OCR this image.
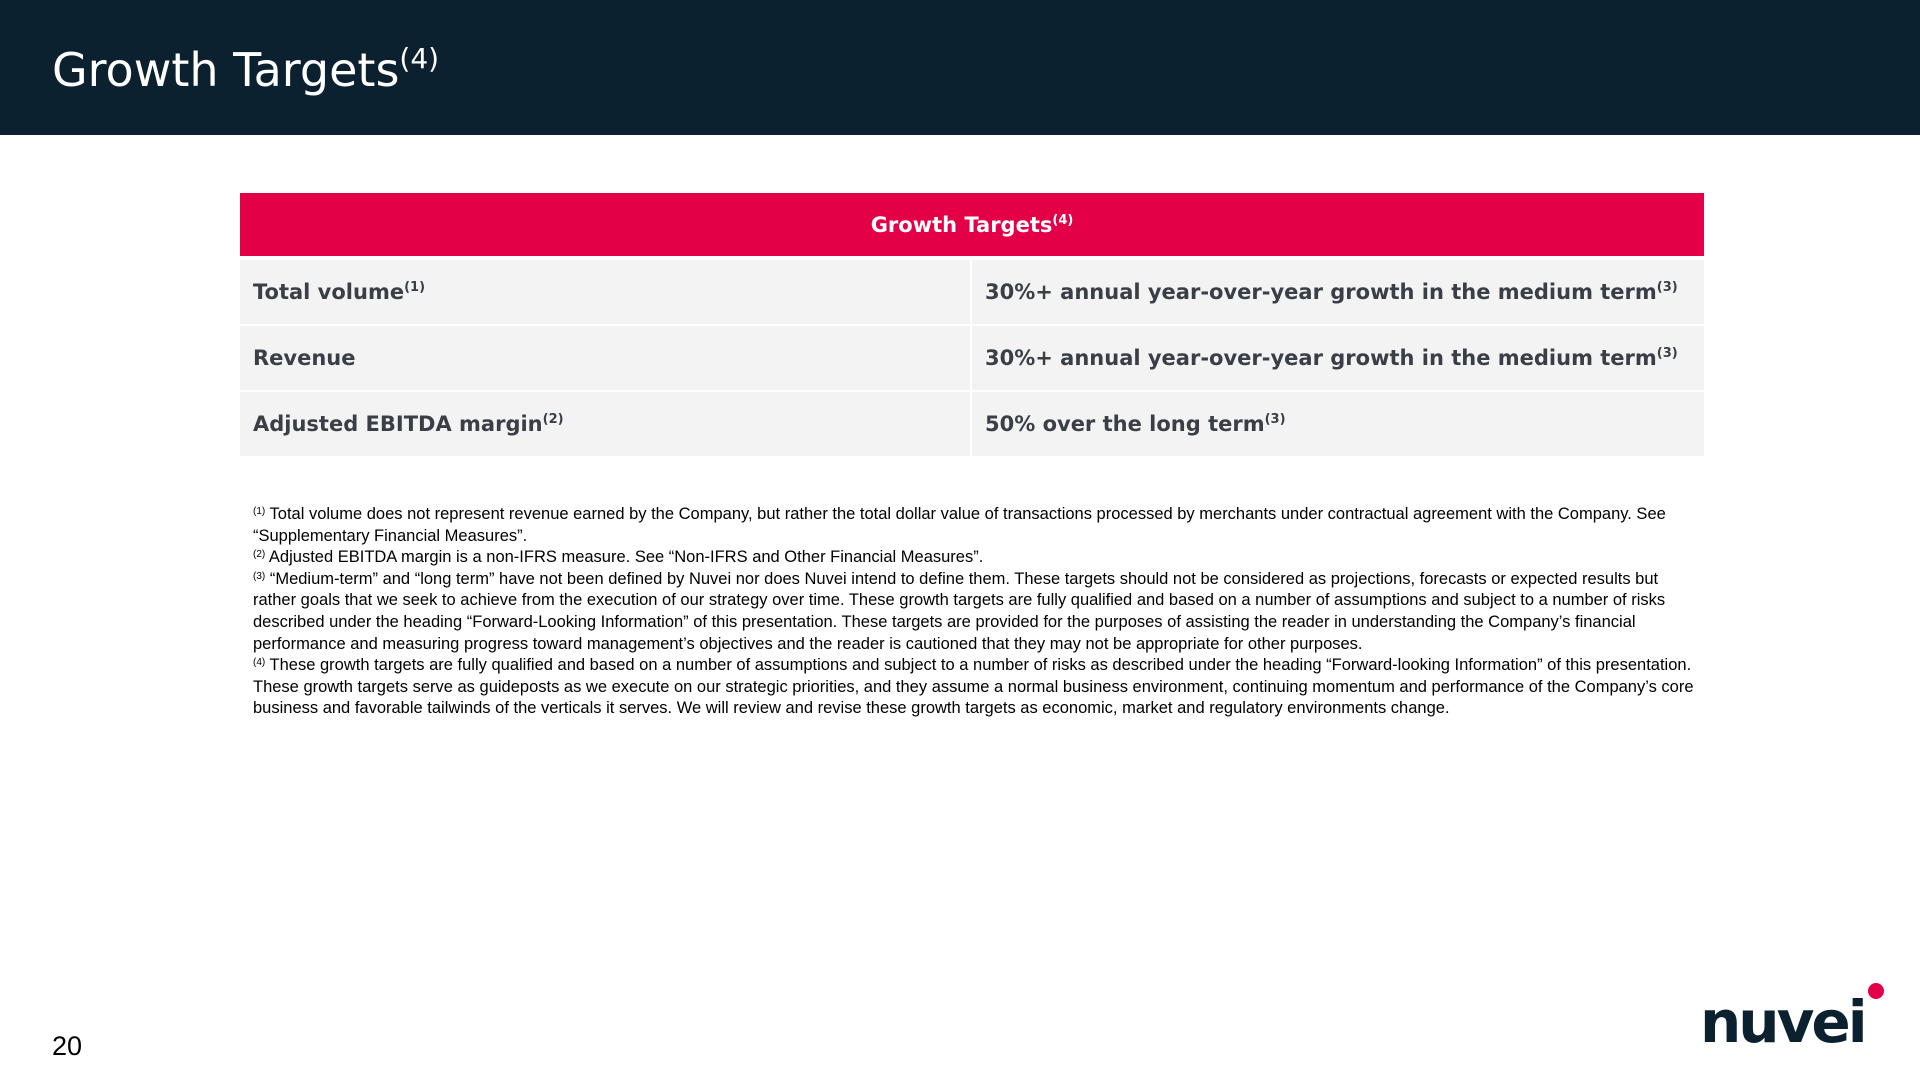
Growth Targets$^{(4)}$
Growth Targets$^{(4)}$
Total volume$^{(1)}$	30%+ annual year-over-year growth in the medium term$^{(3)}$
Revenue	30%+ annual year-over-year growth in the medium term$^{(3)}$
Adjusted EBITDA margin$^{(2)}$	50% over the long term$^{(3)}$

$^{(1)}$ Total volume does not represent revenue earned by the Company, but rather the total dollar value of transactions processed by merchants under contractual agreement with the Company. See “Supplementary Financial Measures”.

$^{(2)}$ Adjusted EBITDA margin is a non-IFRS measure. See “Non-IFRS and Other Financial Measures”.

$^{(3)}$ “Medium-term” and “long term” have not been defined by Nuvei nor does Nuvei intend to define them. These targets should not be considered as projections, forecasts or expected results but rather goals that we seek to achieve from the execution of our strategy over time. These growth targets are fully qualified and based on a number of assumptions and subject to a number of risks described under the heading “Forward-Looking Information” of this presentation. These targets are provided for the purposes of assisting the reader in understanding the Company’s financial performance and measuring progress toward management’s objectives and the reader is cautioned that they may not be appropriate for other purposes.

$^{(4)}$ These growth targets are fully qualified and based on a number of assumptions and subject to a number of risks as described under the heading “Forward-looking Information” of this presentation. These growth targets serve as guideposts as we execute on our strategic priorities, and they assume a normal business environment, continuing momentum and performance of the Company’s core business and favorable tailwinds of the verticals it serves. We will review and revise these growth targets as economic, market and regulatory environments change.

20	nuvei
